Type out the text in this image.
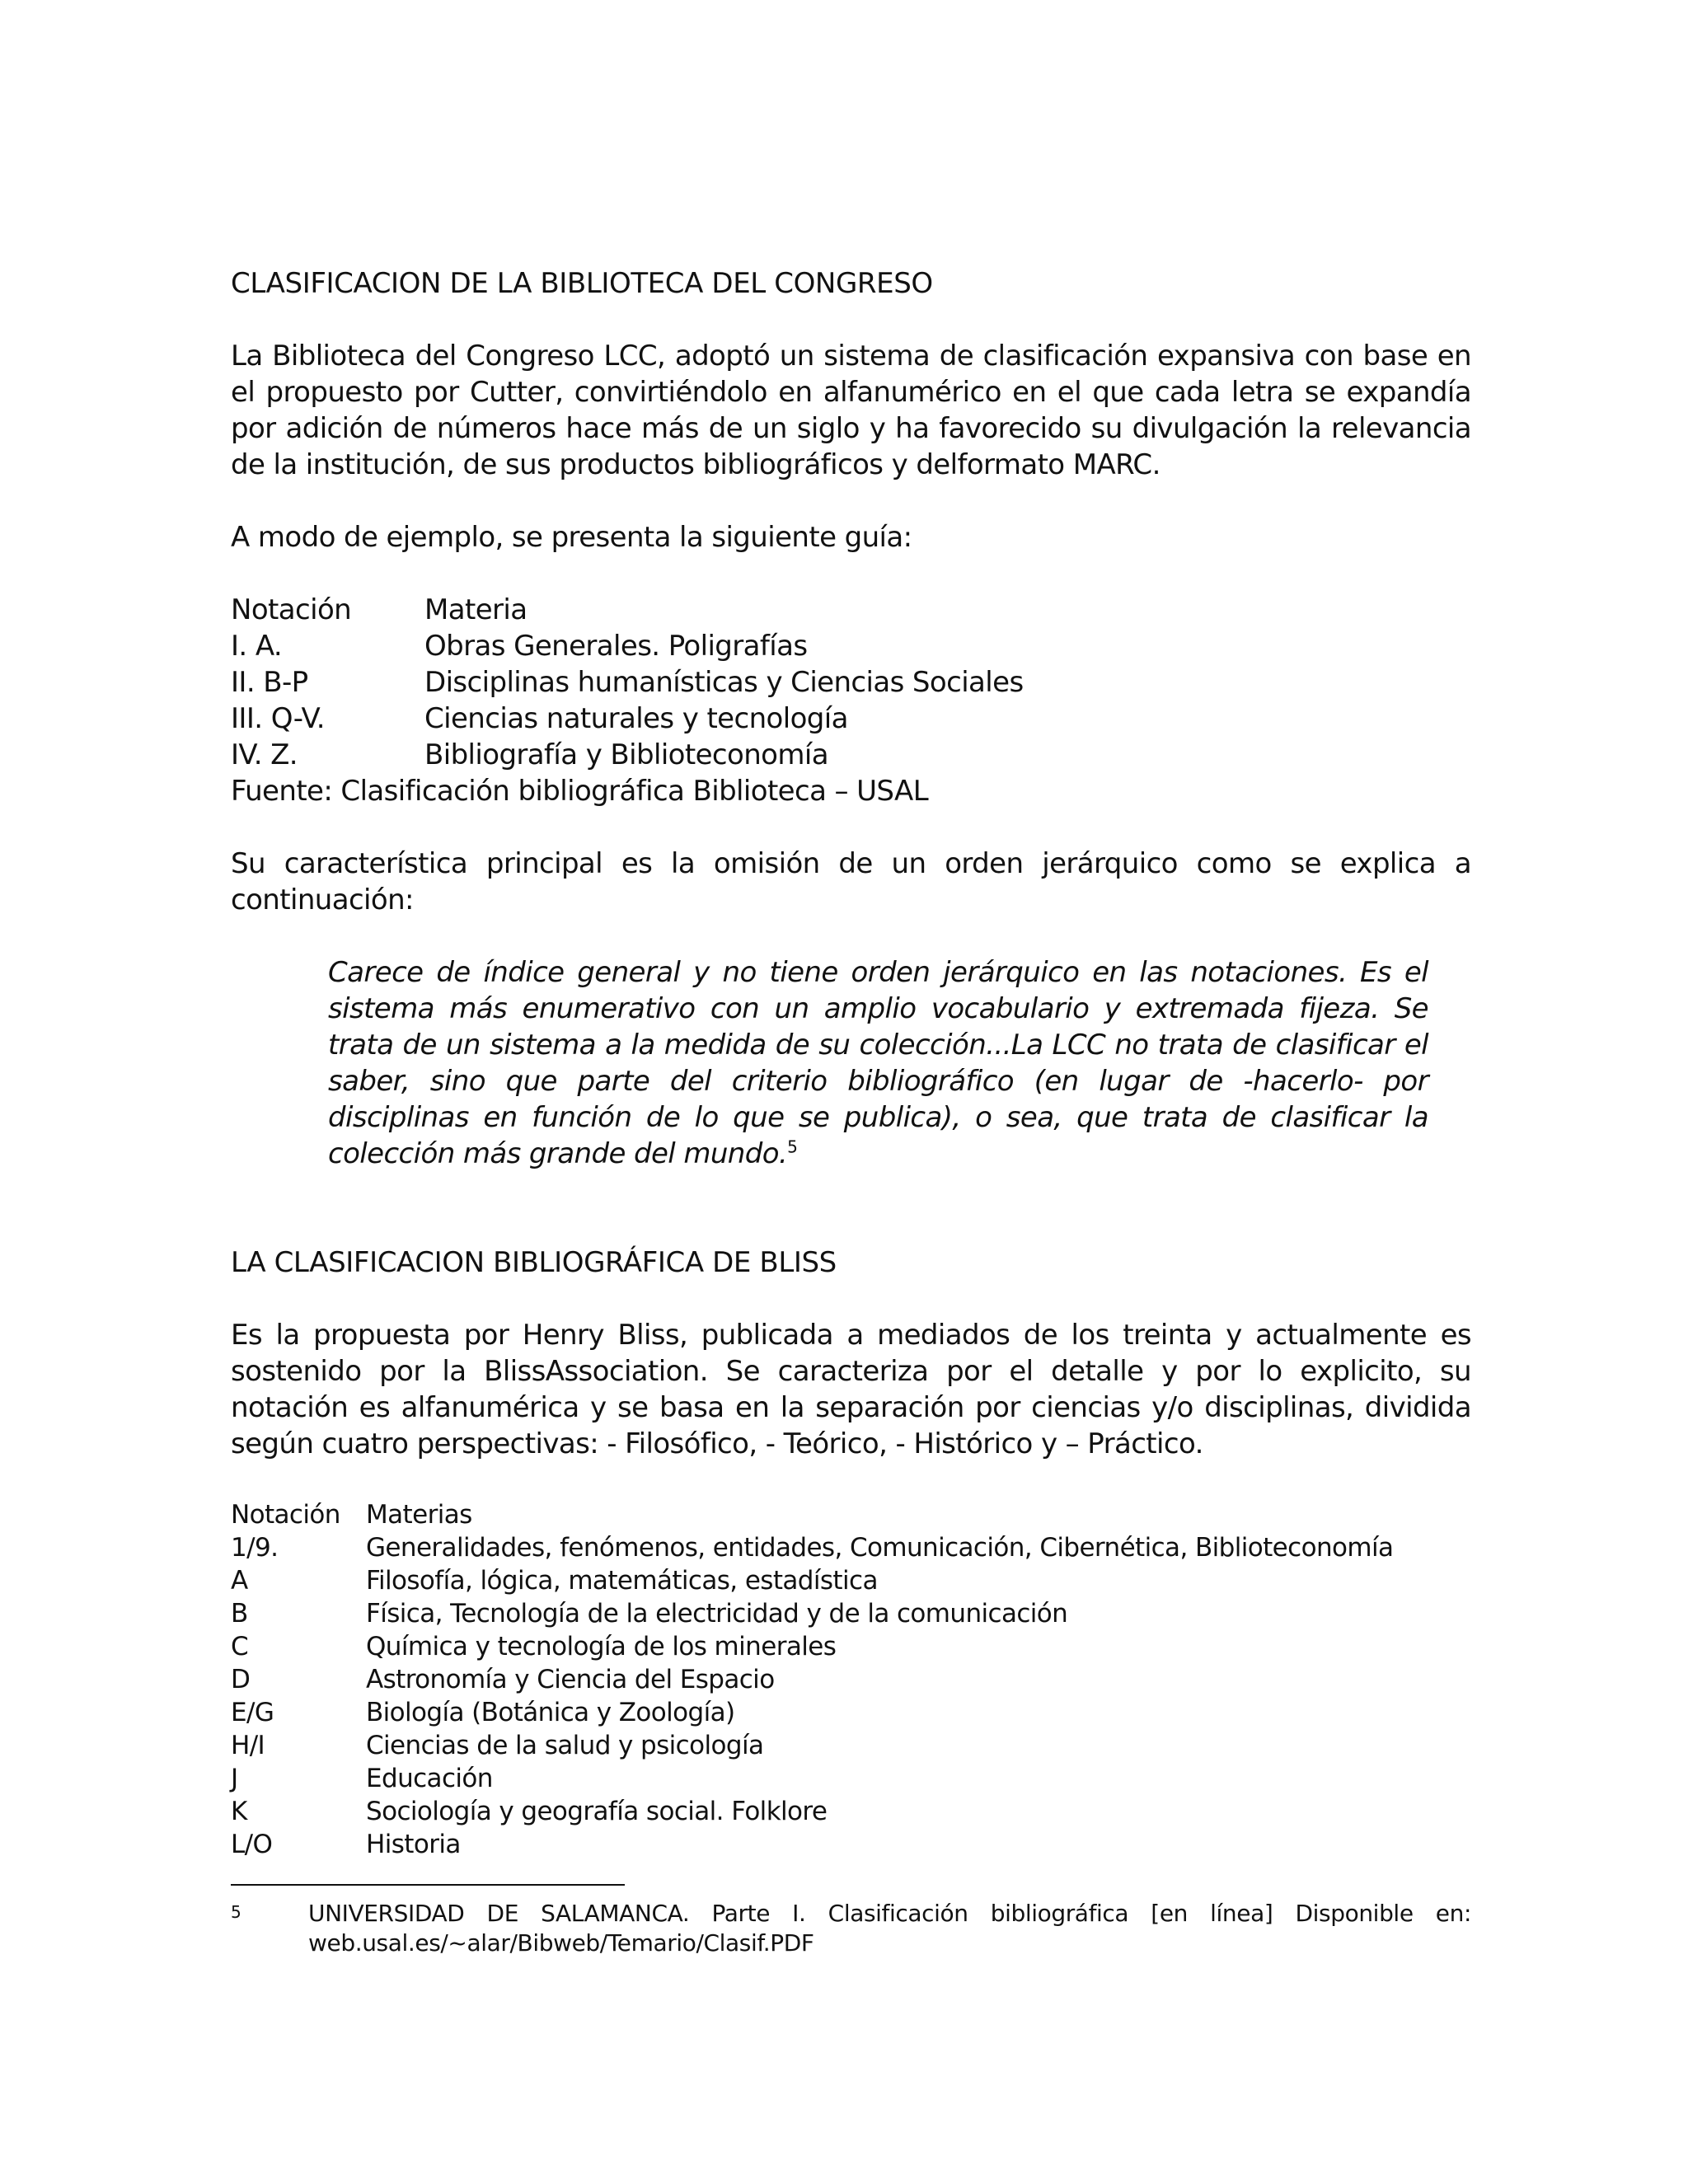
CLASIFICACION DE LA BIBLIOTECA DEL CONGRESO

La Biblioteca del Congreso LCC, adoptó un sistema de clasificación expansiva con base en el propuesto por Cutter, convirtiéndolo en alfanumérico en el que cada letra se expandía por adición de números hace más de un siglo y ha favorecido su divulgación la relevancia de la institución, de sus productos bibliográficos y delformato MARC.

A modo de ejemplo, se presenta la siguiente guía:

Notación	Materia
I. A.	Obras Generales. Poligrafías
II. B-P	Disciplinas humanísticas y Ciencias Sociales
III. Q-V.	Ciencias naturales y tecnología
IV. Z.	Bibliografía y Biblioteconomía
Fuente: Clasificación bibliográfica Biblioteca – USAL

Su característica principal es la omisión de un orden jerárquico como se explica a continuación:

Carece de índice general y no tiene orden jerárquico en las notaciones. Es el sistema más enumerativo con un amplio vocabulario y extremada fijeza. Se trata de un sistema a la medida de su colección...La LCC no trata de clasificar el saber, sino que parte del criterio bibliográfico (en lugar de ‑hacerlo‑ por disciplinas en función de lo que se publica), o sea, que trata de clasificar la colección más grande del mundo.$^5$

LA CLASIFICACION BIBLIOGRÁFICA DE BLISS

Es la propuesta por Henry Bliss, publicada a mediados de los treinta y actualmente es sostenido por la BlissAssociation. Se caracteriza por el detalle y por lo explicito, su notación es alfanumérica y se basa en la separación por ciencias y/o disciplinas, dividida según cuatro perspectivas: - Filosófico, - Teórico, - Histórico y – Práctico.

Notación	Materias
1/9.	Generalidades, fenómenos, entidades, Comunicación, Cibernética, Biblioteconomía
A	Filosofía, lógica, matemáticas, estadística
B	Física, Tecnología de la electricidad y de la comunicación
C	Química y tecnología de los minerales
D	Astronomía y Ciencia del Espacio
E/G	Biología (Botánica y Zoología)
H/I	Ciencias de la salud y psicología
J	Educación
K	Sociología y geografía social. Folklore
L/O	Historia
5	UNIVERSIDAD DE SALAMANCA. Parte I. Clasificación bibliográfica [en línea] Disponible en: web.usal.es/~alar/Bibweb/Temario/Clasif.PDF
